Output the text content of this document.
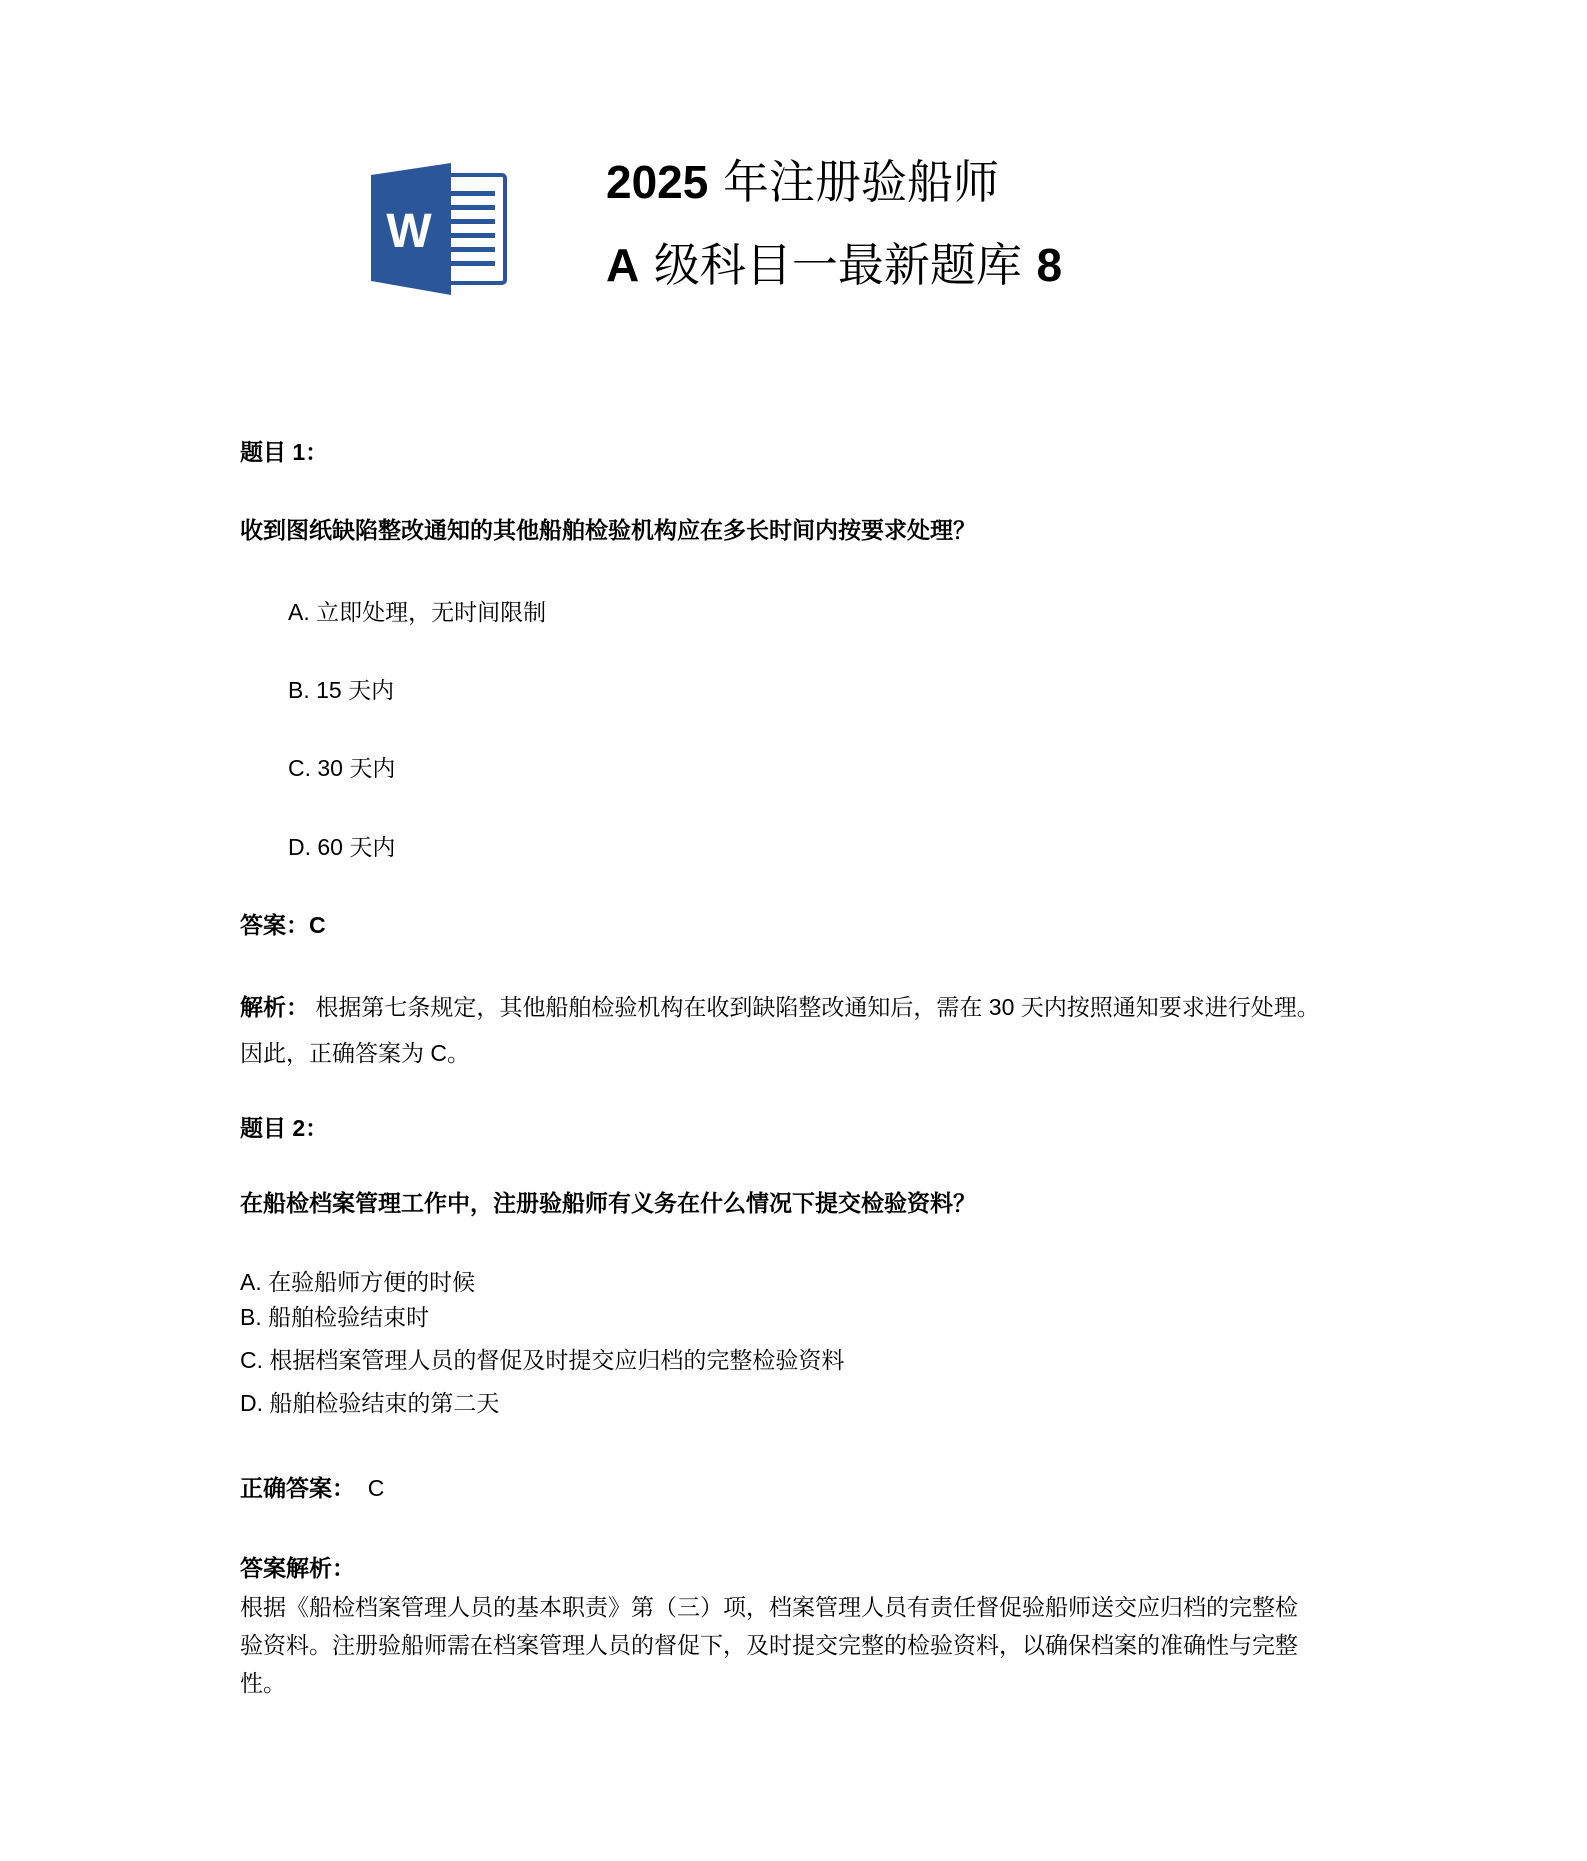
W
2025 年注册验船师
A 级科目一最新题库 8
题目 1：
收到图纸缺陷整改通知的其他船舶检验机构应在多长时间内按要求处理？
A. 立即处理，无时间限制
B. 15 天内
C. 30 天内
D. 60 天内
答案：C
解析： 根据第七条规定，其他船舶检验机构在收到缺陷整改通知后，需在 30 天内按照通知要求进行处理。
因此，正确答案为 C。
题目 2：
在船检档案管理工作中，注册验船师有义务在什么情况下提交检验资料？
A. 在验船师方便的时候
B. 船舶检验结束时
C. 根据档案管理人员的督促及时提交应归档的完整检验资料
D. 船舶检验结束的第二天
正确答案：  C
答案解析：
根据《船检档案管理人员的基本职责》第（三）项，档案管理人员有责任督促验船师送交应归档的完整检
验资料。注册验船师需在档案管理人员的督促下，及时提交完整的检验资料，以确保档案的准确性与完整
性。
